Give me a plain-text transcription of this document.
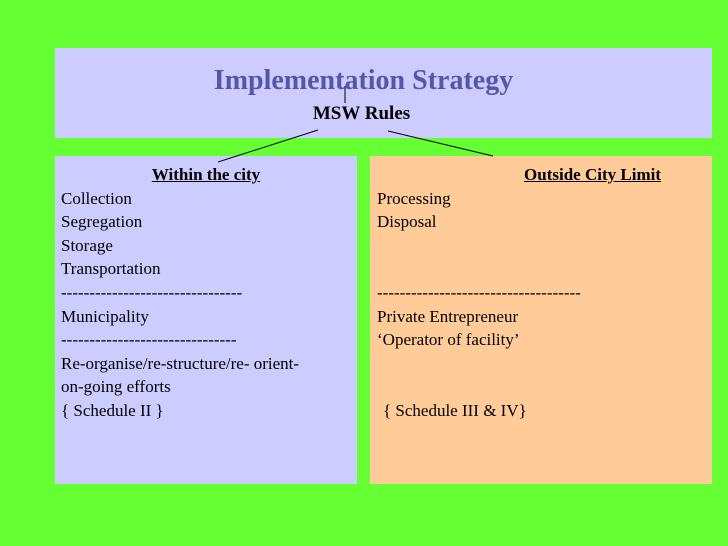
Implementation Strategy
MSW Rules
Within the city
Collection
Segregation
Storage
Transportation
--------------------------------
Municipality
-------------------------------
Re-organise/re-structure/re- orient-
on-going efforts
{ Schedule II }
Outside City Limit
Processing
Disposal
------------------------------------
Private Entrepreneur
‘Operator of facility’
{ Schedule III & IV}
